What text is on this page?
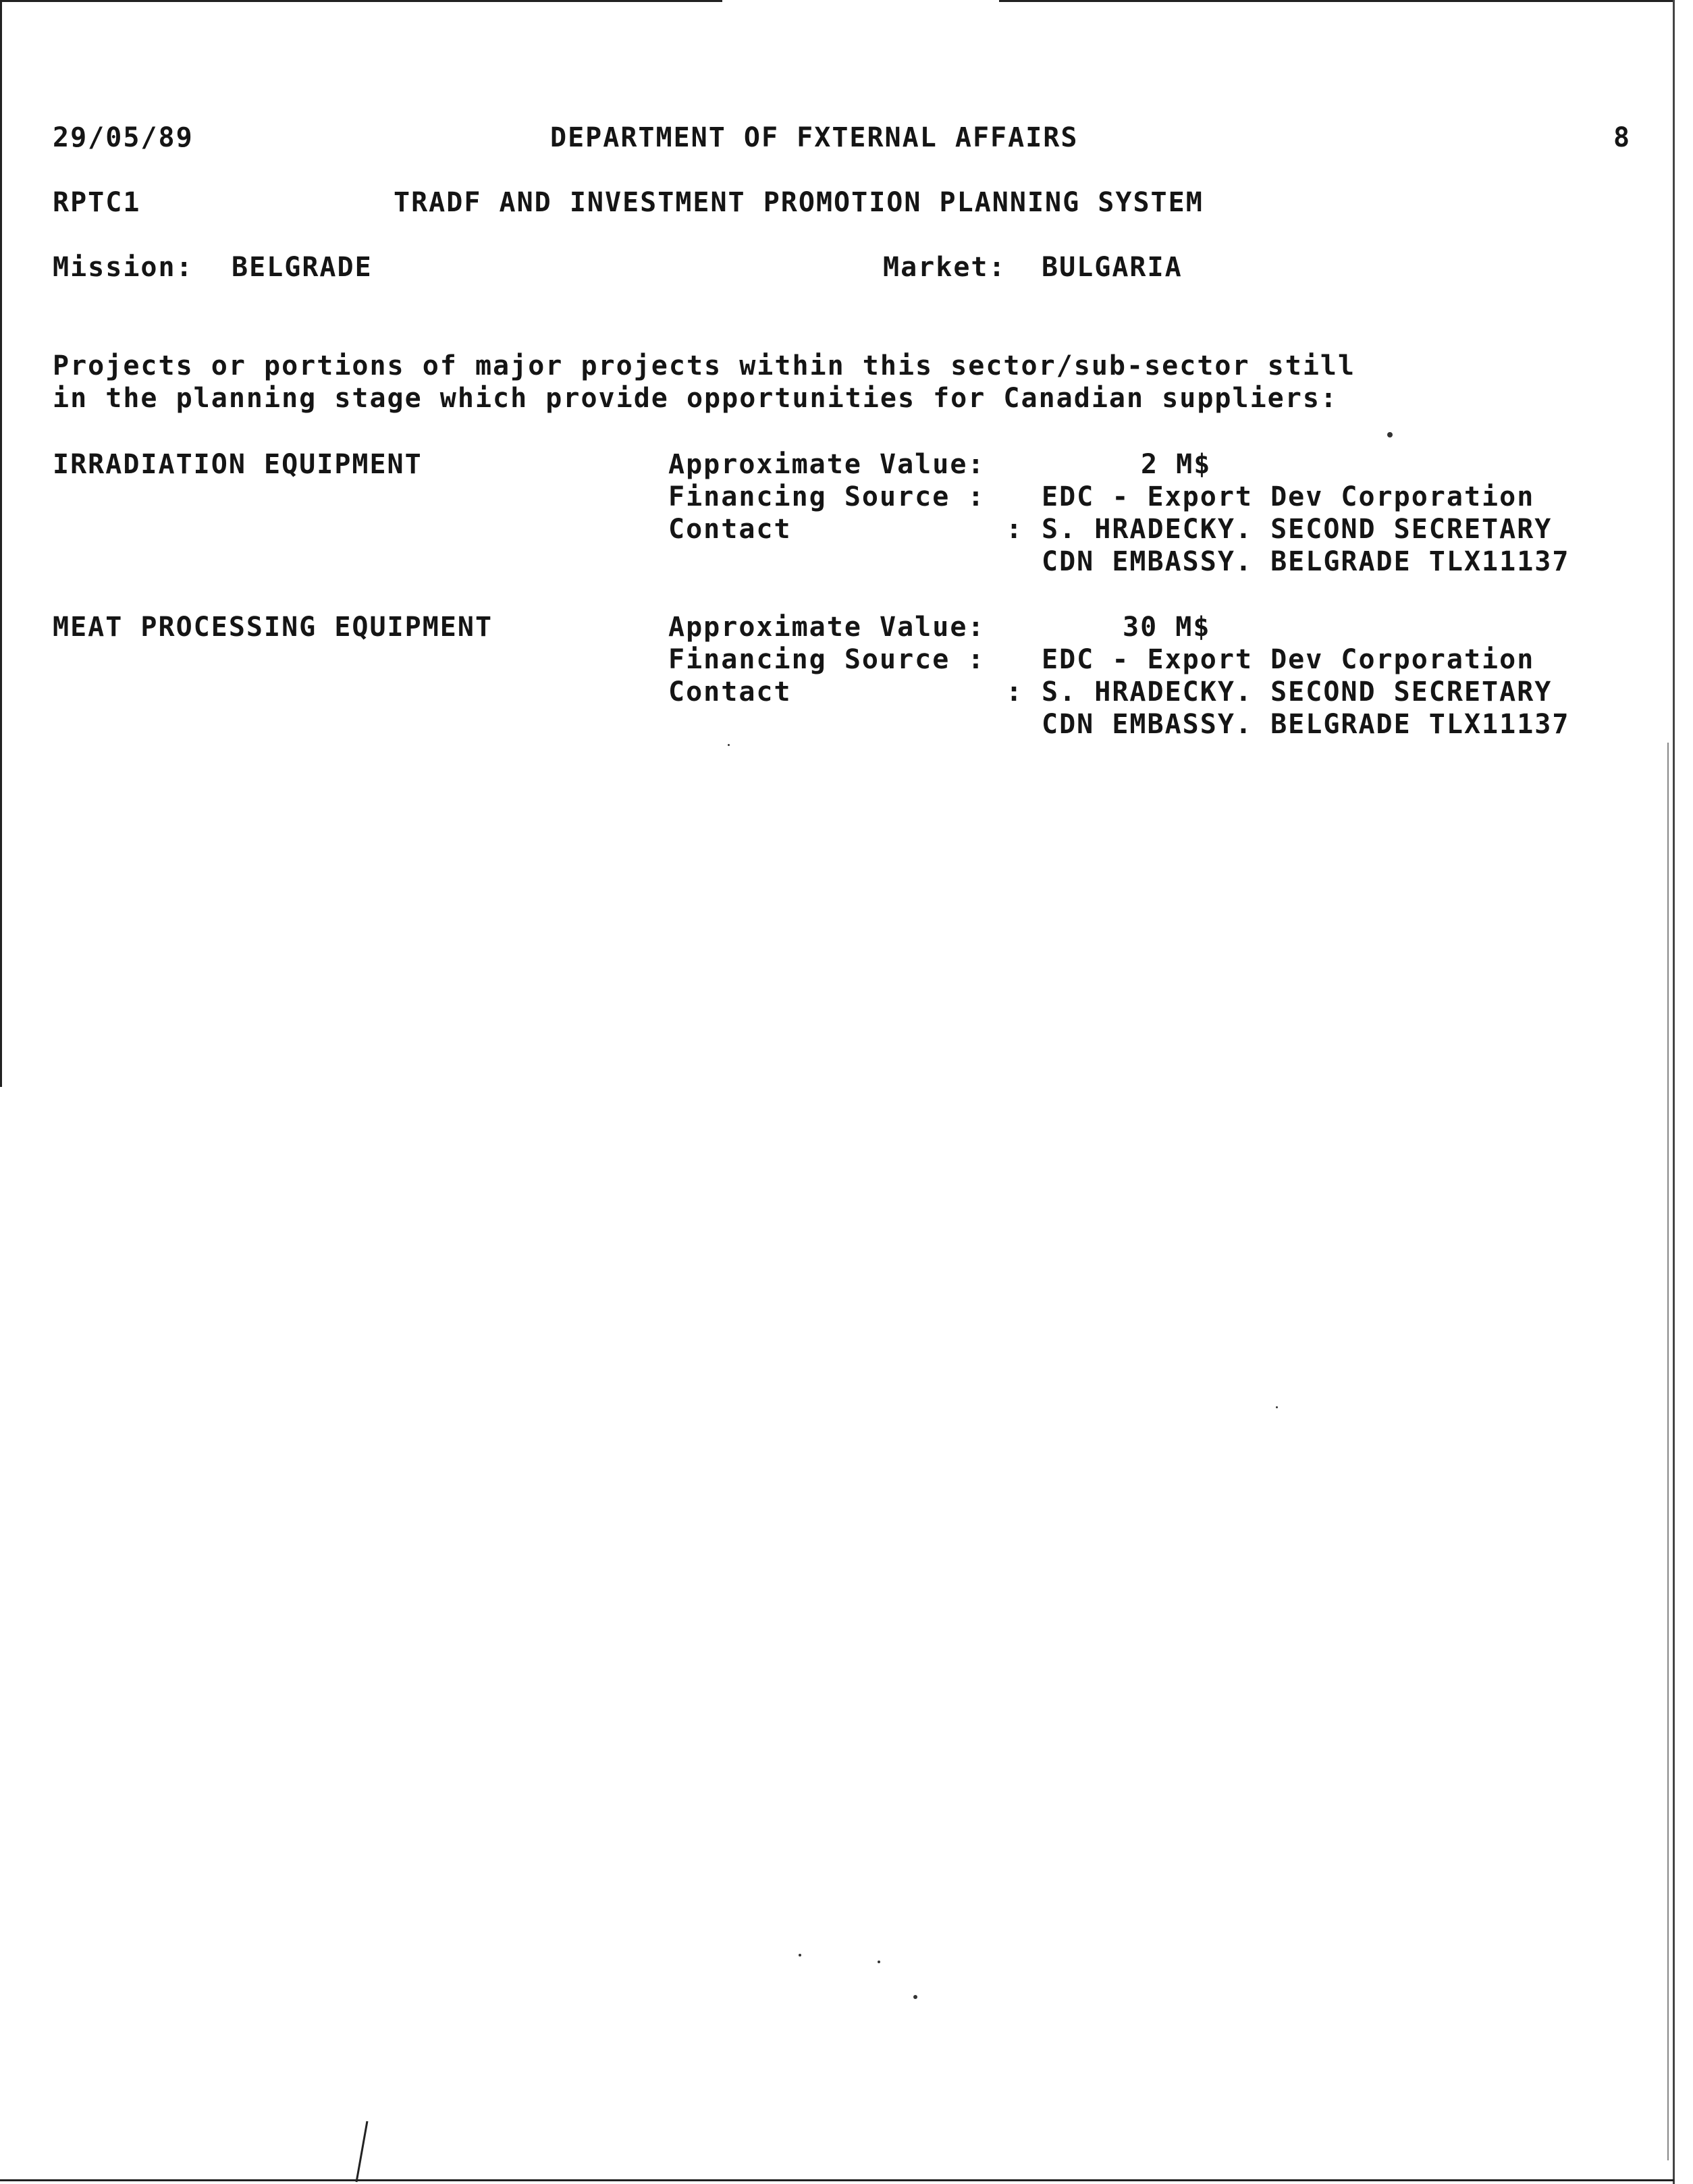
29/05/89	DEPARTMENT OF FXTERNAL AFFAIRS	8
RPTC1	TRADF AND INVESTMENT PROMOTION PLANNING SYSTEM
Mission: BELGRADE	Market: BULGARIA
Projects or portions of major projects within this sector/sub-sector still
in the planning stage which provide opportunities for Canadian suppliers:
IRRADIATION EQUIPMENT	Approximate Value:	2 M$
Financing Source : EDC - Export Dev Corporation
Contact	: S. HRADECKY. SECOND SECRETARY
CDN EMBASSY. BELGRADE TLX11137
MEAT PROCESSING EQUIPMENT	Approximate Value:	30 M$
Financing Source : EDC - Export Dev Corporation
Contact	: S. HRADECKY. SECOND SECRETARY
CDN EMBASSY. BELGRADE TLX11137
